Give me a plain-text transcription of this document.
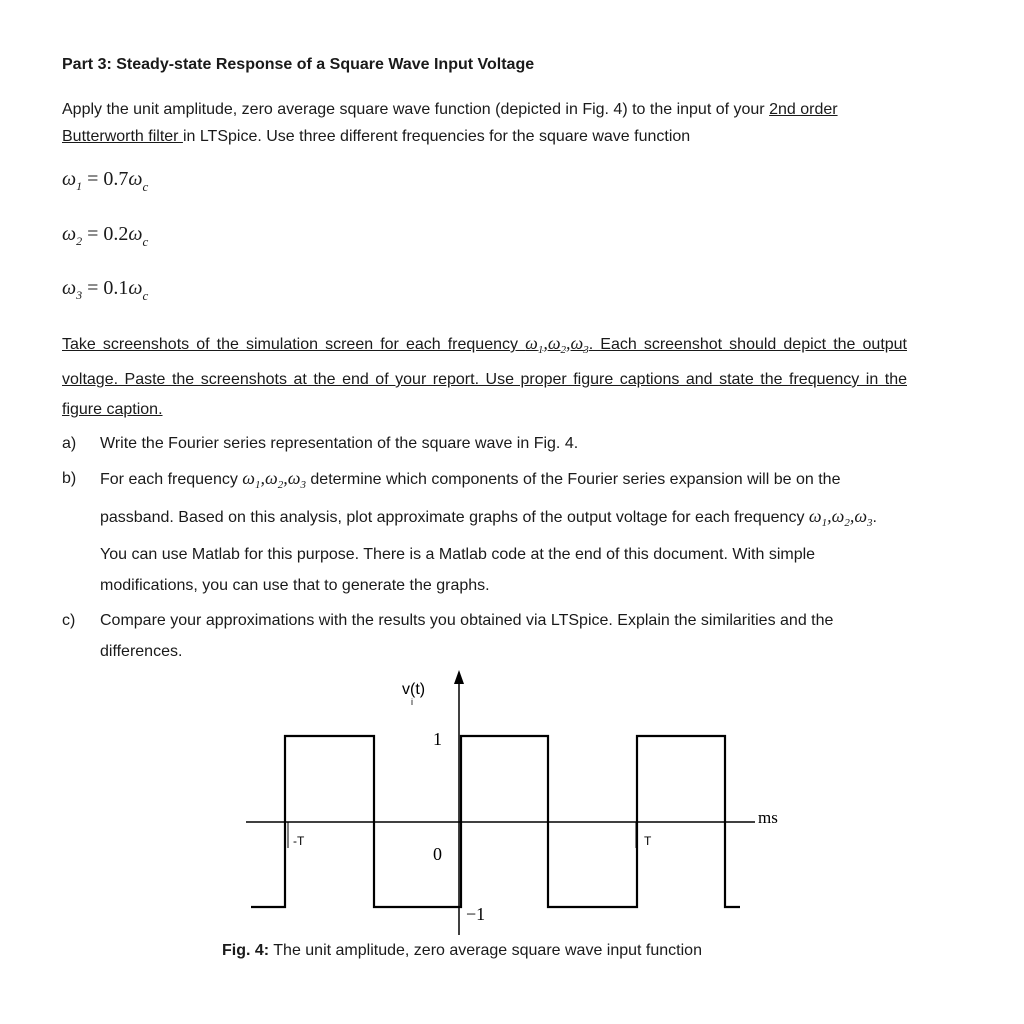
Part 3: Steady-state Response of a Square Wave Input Voltage
Apply the unit amplitude, zero average square wave function (depicted in Fig. 4) to the input of your 2nd order Butterworth filter in LTSpice. Use three different frequencies for the square wave function
$\omega_1 = 0.7\omega_c$
$\omega_2 = 0.2\omega_c$
$\omega_3 = 0.1\omega_c$
Take screenshots of the simulation screen for each frequency $\omega_1,\omega_2,\omega_3$. Each screenshot should depict the output voltage. Paste the screenshots at the end of your report. Use proper figure captions and state the frequency in the figure caption.
a) Write the Fourier series representation of the square wave in Fig. 4.
b) For each frequency $\omega_1,\omega_2,\omega_3$ determine which components of the Fourier series expansion will be on the passband. Based on this analysis, plot approximate graphs of the output voltage for each frequency $\omega_1,\omega_2,\omega_3$. You can use Matlab for this purpose. There is a Matlab code at the end of this document. With simple modifications, you can use that to generate the graphs.
c) Compare your approximations with the results you obtained via LTSpice. Explain the similarities and the differences.
v(t)
i
1
0
−1
-T	T
ms
Fig. 4: The unit amplitude, zero average square wave input function
